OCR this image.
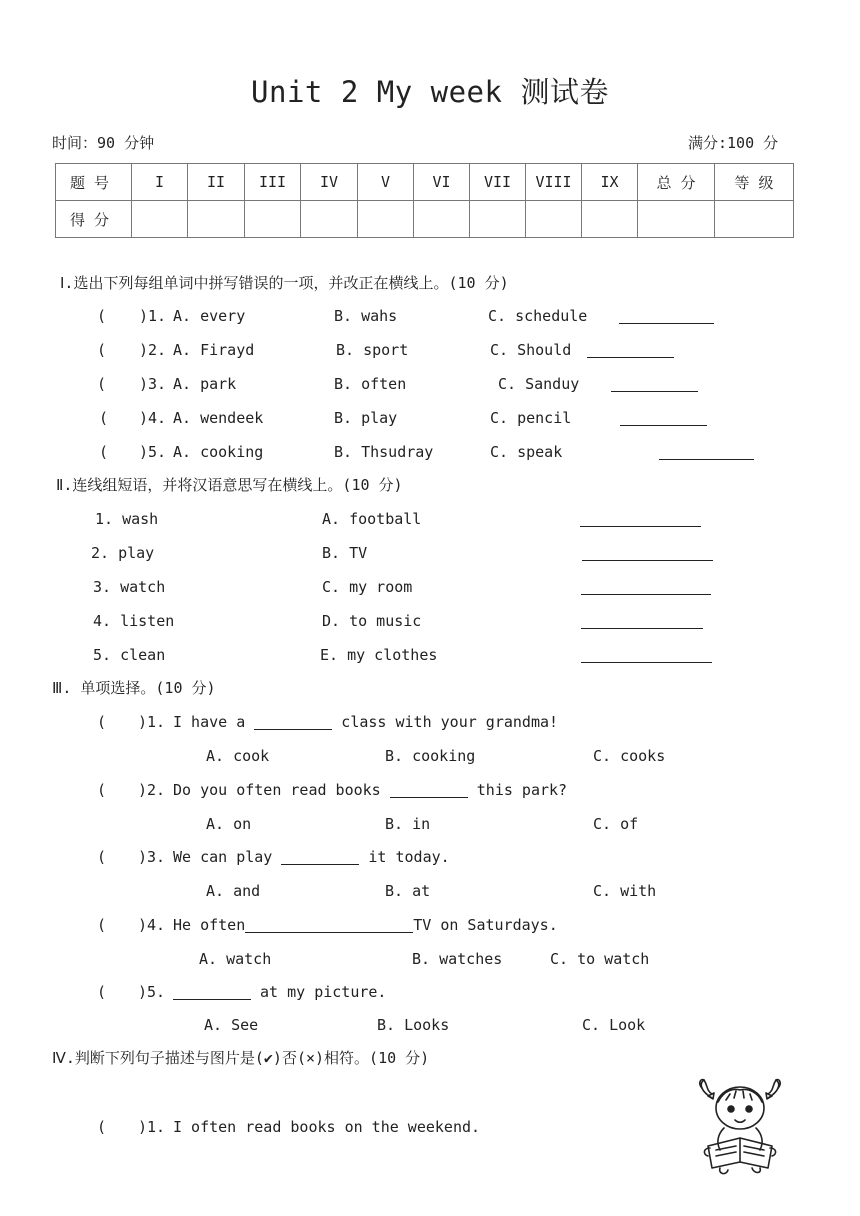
Unit 2 My week 测试卷
时间：90 分钟	满分:100 分
题 号	I	II	III	IV	V	VI	VII	VIII	IX	总 分	等 级
得 分											
Ⅰ.选出下列每组单词中拼写错误的一项，并改正在横线上。(10 分)
( )1. A. every	B. wahs	C. schedule
( )2. A. Firayd	B. sport	C. Should
( )3. A. park	B. often	C. Sanduy
( )4. A. wendeek	B. play	C. pencil
( )5. A. cooking	B. Thsudray	C. speak
Ⅱ.连线组短语，并将汉语意思写在横线上。(10 分)
1. wash	A. football
2. play	B. TV
3. watch	C. my room
4. listen	D. to music
5. clean	E. my clothes
Ⅲ. 单项选择。(10 分)
( )1. I have a	class with your grandma!
A. cook	B. cooking	C. cooks
( )2. Do you often read books	this park?
A. on	B. in	C. of
( )3. We can play	it today.
A. and	B. at	C. with
( )4. He often	TV on Saturdays.
A. watch	B. watches	C. to watch
( )5.	at my picture.
A. See	B. Looks	C. Look
Ⅳ.判断下列句子描述与图片是(✔)否(×)相符。(10 分)
( )1. I often read books on the weekend.
